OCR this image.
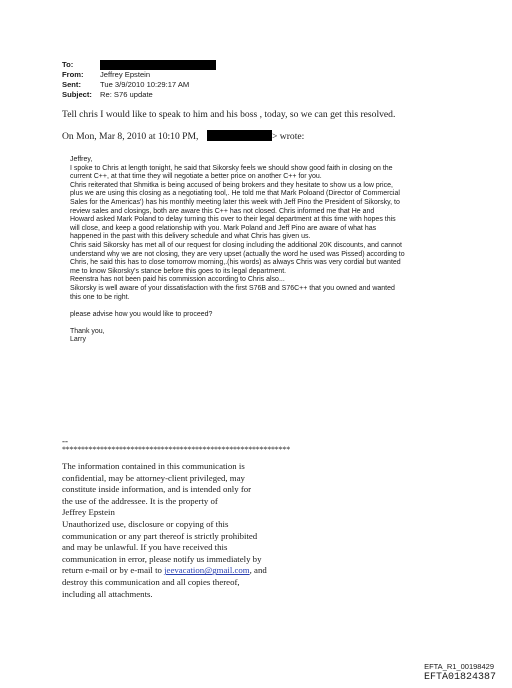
To:
From:	Jeffrey Epstein
Sent:	Tue 3/9/2010 10:29:17 AM
Subject:	Re: S76 update
Tell chris I would like to speak to him and his boss , today, so we can get this resolved.
On Mon, Mar 8, 2010 at 10:10 PM,	> wrote:
Jeffrey,
I spoke to Chris at length tonight, he said that Sikorsky feels we should show good faith in closing on the
current C++, at that time they will negotiate a better price on another C++ for you.
Chris reiterated that Shmitka is being accused of being brokers and they hesitate to show us a low price,
plus we are using this closing as a negotiating tool,. He told me that Mark Poloand (Director of Commercial
Sales for the Americas') has his monthly meeting later this week with Jeff Pino the President of Sikorsky, to
review sales and closings, both are aware this C++ has not closed. Chris informed me that He and
Howard asked Mark Poland to delay turning this over to their legal department at this time with hopes this
will close, and keep a good relationship with you. Mark Poland and Jeff Pino are aware of what has
happened in the past with this delivery schedule and what Chris has given us.
Chris said Sikorsky has met all of our request for closing including the additional 20K discounts, and cannot
understand why we are not closing, they are very upset (actually the word he used was Pissed) according to
Chris, he said this has to close tomorrow morning,.(his words) as always Chris was very cordial but wanted
me to know Sikorsky's stance before this goes to its legal department.
Reenstra has not been paid his commission according to Chris also...
Sikorsky is well aware of your dissatisfaction with the first S76B and S76C++ that you owned and wanted
this one to be right.
please advise how you would like to proceed?
Thank you,
Larry
--
************************************************************
The information contained in this communication is
confidential, may be attorney-client privileged, may
constitute inside information, and is intended only for
the use of the addressee. It is the property of
Jeffrey Epstein
Unauthorized use, disclosure or copying of this
communication or any part thereof is strictly prohibited
and may be unlawful. If you have received this
communication in error, please notify us immediately by
return e-mail or by e-mail to jeevacation@gmail.com, and
destroy this communication and all copies thereof,
including all attachments.
EFTA_R1_00198429
EFTA01824387
